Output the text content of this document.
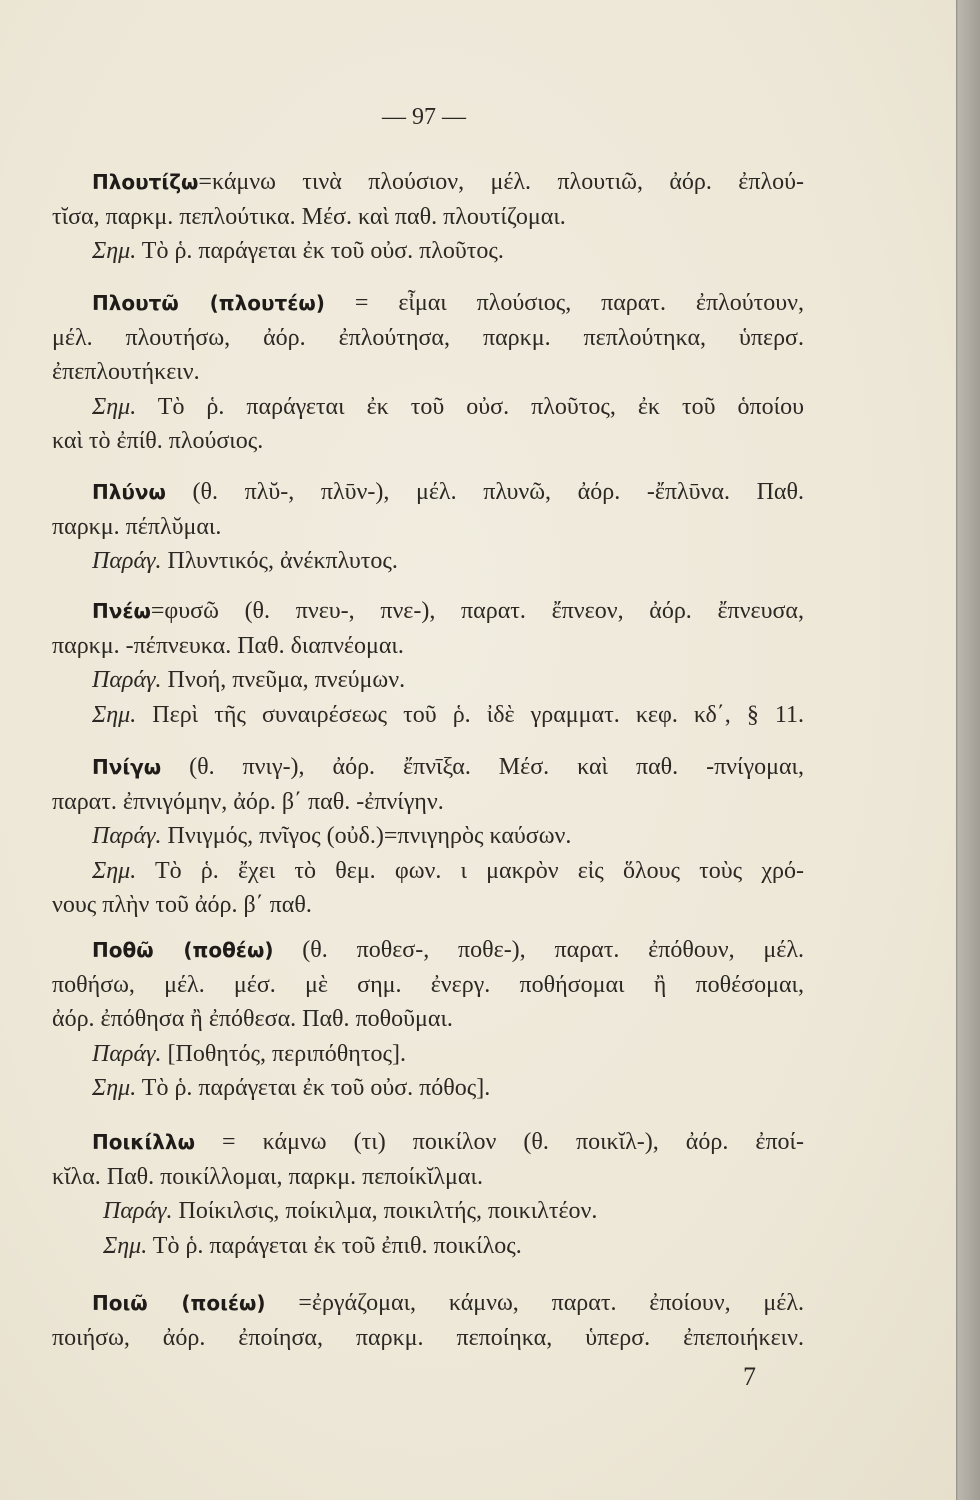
— 97 —
Πλουτίζω=κάμνω τινὰ πλούσιον, μέλ. πλουτιῶ, ἀόρ. ἐπλού-
τῐσα, παρκμ. πεπλούτικα. Μέσ. καὶ παθ. πλουτίζομαι.
Σημ. Τὸ ῥ. παράγεται ἐκ τοῦ οὐσ. πλοῦτος.
Πλουτῶ (πλουτέω) = εἶμαι πλούσιος, παρατ. ἐπλούτουν,
μέλ. πλουτήσω, ἀόρ. ἐπλούτησα, παρκμ. πεπλούτηκα, ὑπερσ.
ἐπεπλουτήκειν.
Σημ. Τὸ ῥ. παράγεται ἐκ τοῦ οὐσ. πλοῦτος, ἐκ τοῦ ὁποίου
καὶ τὸ ἐπίθ. πλούσιος.
Πλύνω (θ. πλῠ-, πλῡν-), μέλ. πλυνῶ, ἀόρ. -ἔπλῡνα. Παθ.
παρκμ. πέπλῠμαι.
Παράγ. Πλυντικός, ἀνέκπλυτος.
Πνέω=φυσῶ (θ. πνευ-, πνε-), παρατ. ἔπνεον, ἀόρ. ἔπνευσα,
παρκμ. -πέπνευκα. Παθ. διαπνέομαι.
Παράγ. Πνοή, πνεῦμα, πνεύμων.
Σημ. Περὶ τῆς συναιρέσεως τοῦ ῥ. ἰδὲ γραμματ. κεφ. κδ΄, § 11.
Πνίγω (θ. πνιγ-), ἀόρ. ἔπνῑξα. Μέσ. καὶ παθ. -πνίγομαι,
παρατ. ἐπνιγόμην, ἀόρ. β΄ παθ. -ἐπνίγην.
Παράγ. Πνιγμός, πνῖγος (οὐδ.)=πνιγηρὸς καύσων.
Σημ. Τὸ ῥ. ἔχει τὸ θεμ. φων. ι μακρὸν εἰς ὅλους τοὺς χρό-
νους πλὴν τοῦ ἀόρ. β΄ παθ.
Ποθῶ (ποθέω) (θ. ποθεσ-, ποθε-), παρατ. ἐπόθουν, μέλ.
ποθήσω, μέλ. μέσ. μὲ σημ. ἐνεργ. ποθήσομαι ἢ ποθέσομαι,
ἀόρ. ἐπόθησα ἢ ἐπόθεσα. Παθ. ποθοῦμαι.
Παράγ. [Ποθητός, περιπόθητος].
Σημ. Τὸ ῥ. παράγεται ἐκ τοῦ οὐσ. πόθος].
Ποικίλλω = κάμνω (τι) ποικίλον (θ. ποικῐλ-), ἀόρ. ἐποί-
κῐλα. Παθ. ποικίλλομαι, παρκμ. πεποίκῐλμαι.
Παράγ. Ποίκιλσις, ποίκιλμα, ποικιλτής, ποικιλτέον.
Σημ. Τὸ ῥ. παράγεται ἐκ τοῦ ἐπιθ. ποικίλος.
Ποιῶ (ποιέω) =ἐργάζομαι, κάμνω, παρατ. ἐποίουν, μέλ.
ποιήσω, ἀόρ. ἐποίησα, παρκμ. πεποίηκα, ὑπερσ. ἐπεποιήκειν.
7
